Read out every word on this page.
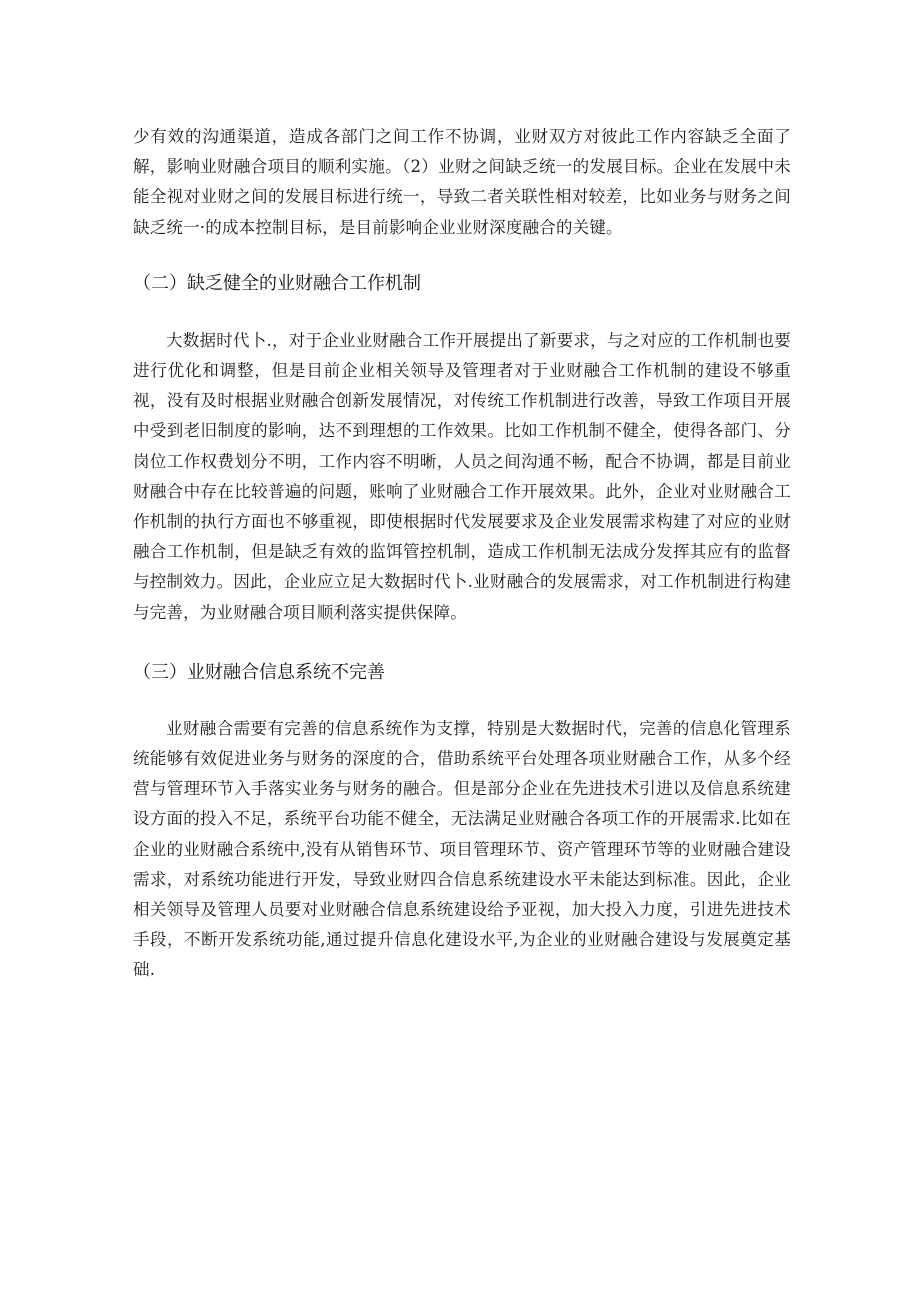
少有效的沟通渠道，造成各部门之间工作不协调，业财双方对彼此工作内容缺乏全面了解，影响业财融合项目的顺利实施。（2）业财之间缺乏统一的发展目标。企业在发展中未能全视对业财之间的发展目标进行统一，导致二者关联性相对较差，比如业务与财务之间缺乏统一·的成本控制目标，是目前影响企业业财深度融合的关键。

（二）缺乏健全的业财融合工作机制

大数据时代卜.，对于企业业财融合工作开展提出了新要求，与之对应的工作机制也要进行优化和调整，但是目前企业相关领导及管理者对于业财融合工作机制的建设不够重视，没有及时根据业财融合创新发展情况，对传统工作机制进行改善，导致工作项目开展中受到老旧制度的影响，达不到理想的工作效果。比如工作机制不健全，使得各部门、分岗位工作权费划分不明，工作内容不明晰，人员之间沟通不畅，配合不协调，都是目前业财融合中存在比较普遍的问题，账响了业财融合工作开展效果。此外，企业对业财融合工作机制的执行方面也不够重视，即使根据时代发展要求及企业发展需求构建了对应的业财融合工作机制，但是缺乏有效的监饵管控机制，造成工作机制无法成分发挥其应有的监督与控制效力。因此，企业应立足大数据时代卜.业财融合的发展需求，对工作机制进行构建与完善，为业财融合项目顺利落实提供保障。

（三）业财融合信息系统不完善

业财融合需要有完善的信息系统作为支撑，特别是大数据时代，完善的信息化管理系统能够有效促进业务与财务的深度的合，借助系统平台处理各项业财融合工作，从多个经营与管理环节入手落实业务与财务的融合。但是部分企业在先进技术引进以及信息系统建设方面的投入不足，系统平台功能不健全，无法满足业财融合各项工作的开展需求.比如在企业的业财融合系统中,没有从销售环节、项目管理环节、资产管理环节等的业财融合建设需求，对系统功能进行开发，导致业财四合信息系统建设水平未能达到标准。因此，企业相关领导及管理人员要对业财融合信息系统建设给予亚视，加大投入力度，引进先进技术手段，不断开发系统功能,通过提升信息化建设水平,为企业的业财融合建设与发展奠定基础.
